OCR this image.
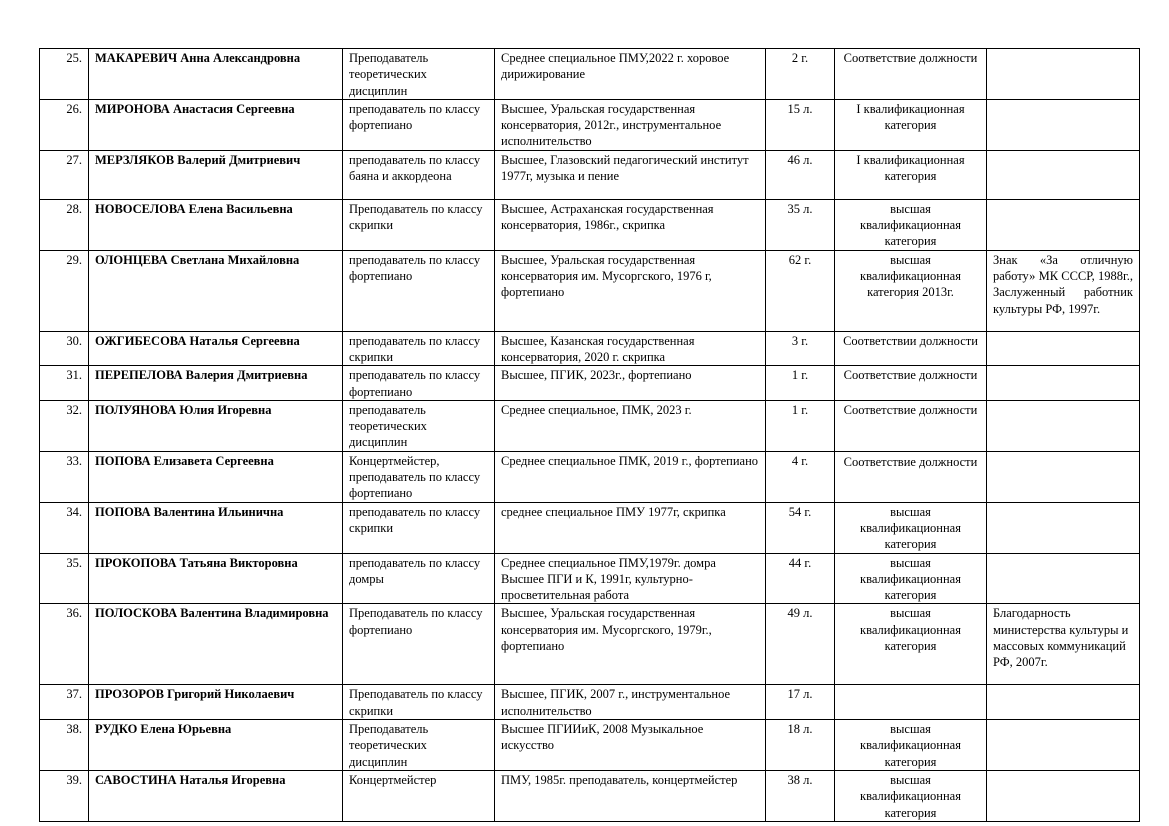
25.	МАКАРЕВИЧ Анна Александровна	Преподаватель теоретических дисциплин	Среднее специальное ПМУ,2022 г. хоровое дирижирование	2 г.	Соответствие должности	
26.	МИРОНОВА Анастасия Сергеевна	преподаватель по классу фортепиано	Высшее, Уральская государственная консерватория, 2012г., инструментальное исполнительство	15 л.	I квалификационная категория	
27.	МЕРЗЛЯКОВ Валерий Дмитриевич	преподаватель по классу баяна и аккордеона	Высшее, Глазовский педагогический институт 1977г, музыка и пение	46 л.	I квалификационная категория	
28.	НОВОСЕЛОВА Елена Васильевна	Преподаватель по классу скрипки	Высшее, Астраханская государственная консерватория, 1986г., скрипка	35 л.	высшая квалификационная категория	
29.	ОЛОНЦЕВА Светлана Михайловна	преподаватель по классу фортепиано	Высшее, Уральская государственная консерватория им. Мусоргского, 1976 г, фортепиано	62 г.	высшая квалификационная категория 2013г.	Знак «За отличную работу» МК СССР, 1988г., Заслуженный работник культуры РФ, 1997г.
30.	ОЖГИБЕСОВА Наталья Сергеевна	преподаватель по классу скрипки	Высшее, Казанская государственная консерватория, 2020 г. скрипка	3 г.	Соответствии должности	
31.	ПЕРЕПЕЛОВА Валерия Дмитриевна	преподаватель по классу фортепиано	Высшее, ПГИК, 2023г., фортепиано	1 г.	Соответствие должности	
32.	ПОЛУЯНОВА Юлия Игоревна	преподаватель теоретических дисциплин	Среднее специальное, ПМК, 2023 г.	1 г.	Соответствие должности	
33.	ПОПОВА Елизавета Сергеевна	Концертмейстер, преподаватель по классу фортепиано	Среднее специальное ПМК, 2019 г., фортепиано	4 г.	Соответствие должности	
34.	ПОПОВА Валентина Ильинична	преподаватель по классу скрипки	среднее специальное ПМУ 1977г, скрипка	54 г.	высшая квалификационная категория	
35.	ПРОКОПОВА Татьяна Викторовна	преподаватель по классу домры	Среднее специальное ПМУ,1979г. домра Высшее ПГИ и К, 1991г, культурно-просветительная работа	44 г.	высшая квалификационная категория	
36.	ПОЛОСКОВА Валентина Владимировна	Преподаватель по классу фортепиано	Высшее, Уральская государственная консерватория им. Мусоргского, 1979г., фортепиано	49 л.	высшая квалификационная категория	Благодарность министерства культуры и массовых коммуникаций РФ, 2007г.
37.	ПРОЗОРОВ Григорий Николаевич	Преподаватель по классу скрипки	Высшее, ПГИК, 2007 г., инструментальное исполнительство	17 л.		
38.	РУДКО Елена Юрьевна	Преподаватель теоретических дисциплин	Высшее ПГИИиК, 2008 Музыкальное искусство	18 л.	высшая квалификационная категория	
39.	САВОСТИНА Наталья Игоревна	Концертмейстер	ПМУ, 1985г. преподаватель, концертмейстер	38 л.	высшая квалификационная категория	
